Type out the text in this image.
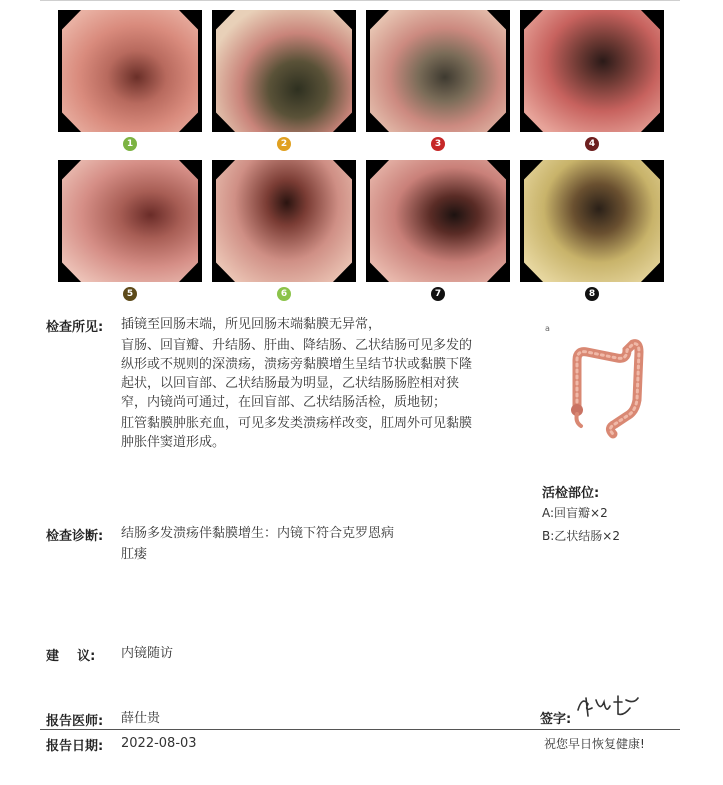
1	2	3	4
5	6	7	8
检查所见: 插镜至回肠末端，所见回肠末端黏膜无异常，
盲肠、回盲瓣、升结肠、肝曲、降结肠、乙状结肠可见多发的
纵形或不规则的深溃疡，溃疡旁黏膜增生呈结节状或黏膜下隆
起状，以回盲部、乙状结肠最为明显，乙状结肠肠腔相对狭
窄，内镜尚可通过，在回盲部、乙状结肠活检，质地韧；
肛管黏膜肿胀充血，可见多发类溃疡样改变，肛周外可见黏膜
肿胀伴窦道形成。
a
活检部位:
A:回盲瓣×2
B:乙状结肠×2
检查诊断: 结肠多发溃疡伴黏膜增生：内镜下符合克罗恩病
肛瘘
建    议: 内镜随访
报告医师: 薛仕贵	签字:
报告日期: 2022-08-03	祝您早日恢复健康!
